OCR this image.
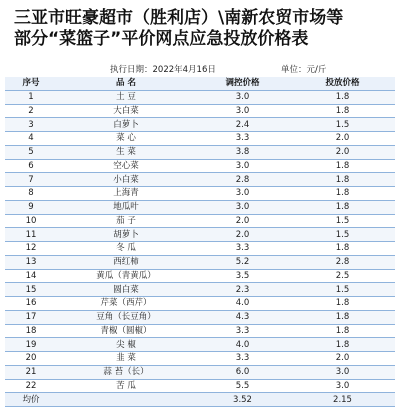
三亚市旺豪超市（胜利店）\南新农贸市场等
部分“菜篮子”平价网点应急投放价格表
执行日期：2022年4月16日	单位：元/斤
序号	品 名	调控价格	投放价格
1	土 豆	3.0	1.8
2	大白菜	3.0	1.8
3	白萝卜	2.4	1.5
4	菜 心	3.3	2.0
5	生 菜	3.8	2.0
6	空心菜	3.0	1.8
7	小白菜	2.8	1.8
8	上海青	3.0	1.8
9	地瓜叶	3.0	1.8
10	茄 子	2.0	1.5
11	胡萝卜	2.0	1.5
12	冬 瓜	3.3	1.8
13	西红柿	5.2	2.8
14	黄瓜（青黄瓜）	3.5	2.5
15	圆白菜	2.3	1.5
16	芹菜（西芹）	4.0	1.8
17	豆角（长豆角）	4.3	1.8
18	青椒（圆椒）	3.3	1.8
19	尖 椒	4.0	1.8
20	韭 菜	3.3	2.0
21	蒜 苔（长）	6.0	3.0
22	苦 瓜	5.5	3.0
均价		3.52	2.15
